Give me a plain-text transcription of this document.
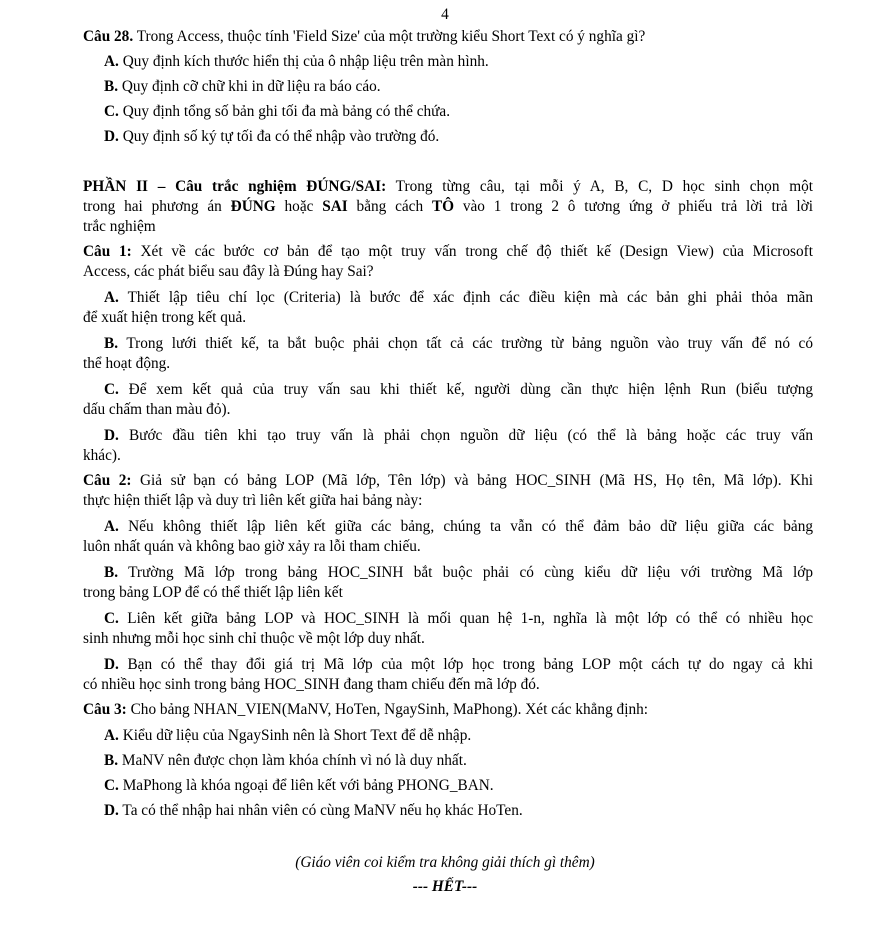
4
Câu 28. Trong Access, thuộc tính 'Field Size' của một trường kiểu Short Text có ý nghĩa gì?
A. Quy định kích thước hiển thị của ô nhập liệu trên màn hình.
B. Quy định cỡ chữ khi in dữ liệu ra báo cáo.
C. Quy định tổng số bản ghi tối đa mà bảng có thể chứa.
D. Quy định số ký tự tối đa có thể nhập vào trường đó.
PHẦN II – Câu trắc nghiệm ĐÚNG/SAI: Trong từng câu, tại mỗi ý A, B, C, D học sinh chọn một
trong hai phương án ĐÚNG hoặc SAI bằng cách TÔ vào 1 trong 2 ô tương ứng ở phiếu trả lời trả lời
trắc nghiệm
Câu 1: Xét về các bước cơ bản để tạo một truy vấn trong chế độ thiết kế (Design View) của Microsoft
Access, các phát biểu sau đây là Đúng hay Sai?
A. Thiết lập tiêu chí lọc (Criteria) là bước để xác định các điều kiện mà các bản ghi phải thỏa mãn
để xuất hiện trong kết quả.
B. Trong lưới thiết kế, ta bắt buộc phải chọn tất cả các trường từ bảng nguồn vào truy vấn để nó có
thể hoạt động.
C. Để xem kết quả của truy vấn sau khi thiết kế, người dùng cần thực hiện lệnh Run (biểu tượng
dấu chấm than màu đỏ).
D. Bước đầu tiên khi tạo truy vấn là phải chọn nguồn dữ liệu (có thể là bảng hoặc các truy vấn
khác).
Câu 2: Giả sử bạn có bảng LOP (Mã lớp, Tên lớp) và bảng HOC_SINH (Mã HS, Họ tên, Mã lớp). Khi
thực hiện thiết lập và duy trì liên kết giữa hai bảng này:
A. Nếu không thiết lập liên kết giữa các bảng, chúng ta vẫn có thể đảm bảo dữ liệu giữa các bảng
luôn nhất quán và không bao giờ xảy ra lỗi tham chiếu.
B. Trường Mã lớp trong bảng HOC_SINH bắt buộc phải có cùng kiểu dữ liệu với trường Mã lớp
trong bảng LOP để có thể thiết lập liên kết
C. Liên kết giữa bảng LOP và HOC_SINH là mối quan hệ 1-n, nghĩa là một lớp có thể có nhiều học
sinh nhưng mỗi học sinh chỉ thuộc về một lớp duy nhất.
D. Bạn có thể thay đổi giá trị Mã lớp của một lớp học trong bảng LOP một cách tự do ngay cả khi
có nhiều học sinh trong bảng HOC_SINH đang tham chiếu đến mã lớp đó.
Câu 3: Cho bảng NHAN_VIEN(MaNV, HoTen, NgaySinh, MaPhong). Xét các khẳng định:
A. Kiểu dữ liệu của NgaySinh nên là Short Text để dễ nhập.
B. MaNV nên được chọn làm khóa chính vì nó là duy nhất.
C. MaPhong là khóa ngoại để liên kết với bảng PHONG_BAN.
D. Ta có thể nhập hai nhân viên có cùng MaNV nếu họ khác HoTen.
(Giáo viên coi kiểm tra không giải thích gì thêm)
--- HẾT---
